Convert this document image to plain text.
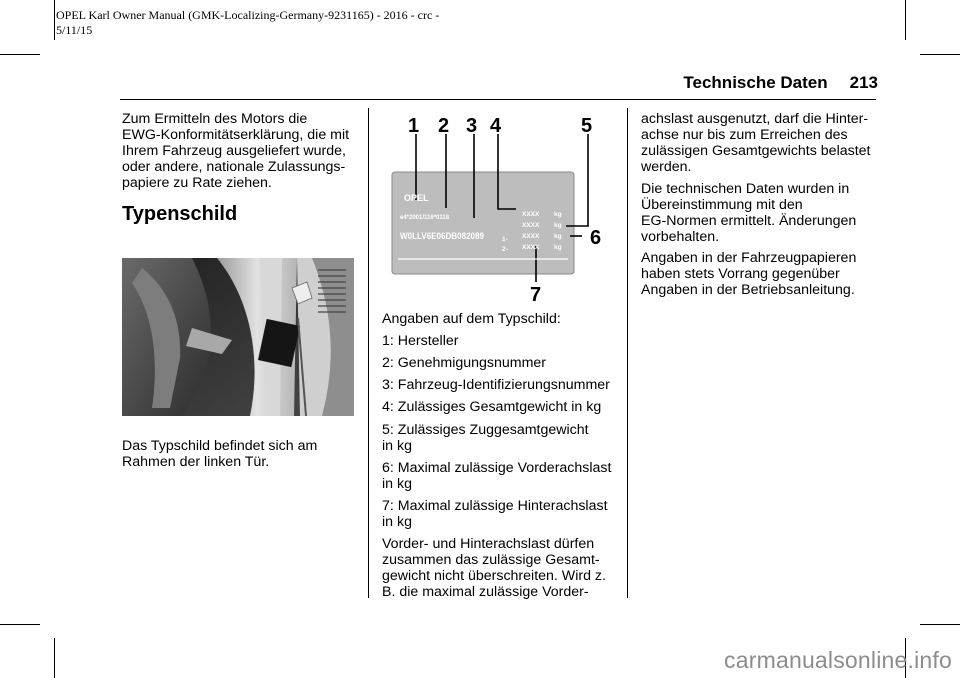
OPEL Karl Owner Manual (GMK-Localizing-Germany-9231165) - 2016 - crc -
5/11/15
Technische Daten 213

Zum Ermitteln des Motors die
EWG-Konformitätserklärung, die mit
Ihrem Fahrzeug ausgeliefert wurde,
oder andere, nationale Zulassungs-
papiere zu Rate ziehen.

Typenschild

Das Typschild befindet sich am
Rahmen der linken Tür.

1 2 3 4	5
6
7
OPEL
e4*2001/116*0118
W0LLV6E06DB082089	1-
2-
XXXX
XXXX
XXXX
XXXX
kg
kg
kg
kg

Angaben auf dem Typschild:

1: Hersteller

2: Genehmigungsnummer

3: Fahrzeug-Identifizierungsnummer

4: Zulässiges Gesamtgewicht in kg

5: Zulässiges Zuggesamtgewicht
in kg

6: Maximal zulässige Vorderachslast
in kg

7: Maximal zulässige Hinterachslast
in kg

Vorder- und Hinterachslast dürfen
zusammen das zulässige Gesamt-
gewicht nicht überschreiten. Wird z.
B. die maximal zulässige Vorder-

achslast ausgenutzt, darf die Hinter-
achse nur bis zum Erreichen des
zulässigen Gesamtgewichts belastet
werden.

Die technischen Daten wurden in
Übereinstimmung mit den
EG-Normen ermittelt. Änderungen
vorbehalten.

Angaben in der Fahrzeugpapieren
haben stets Vorrang gegenüber
Angaben in der Betriebsanleitung.

carmanualsonline.info
